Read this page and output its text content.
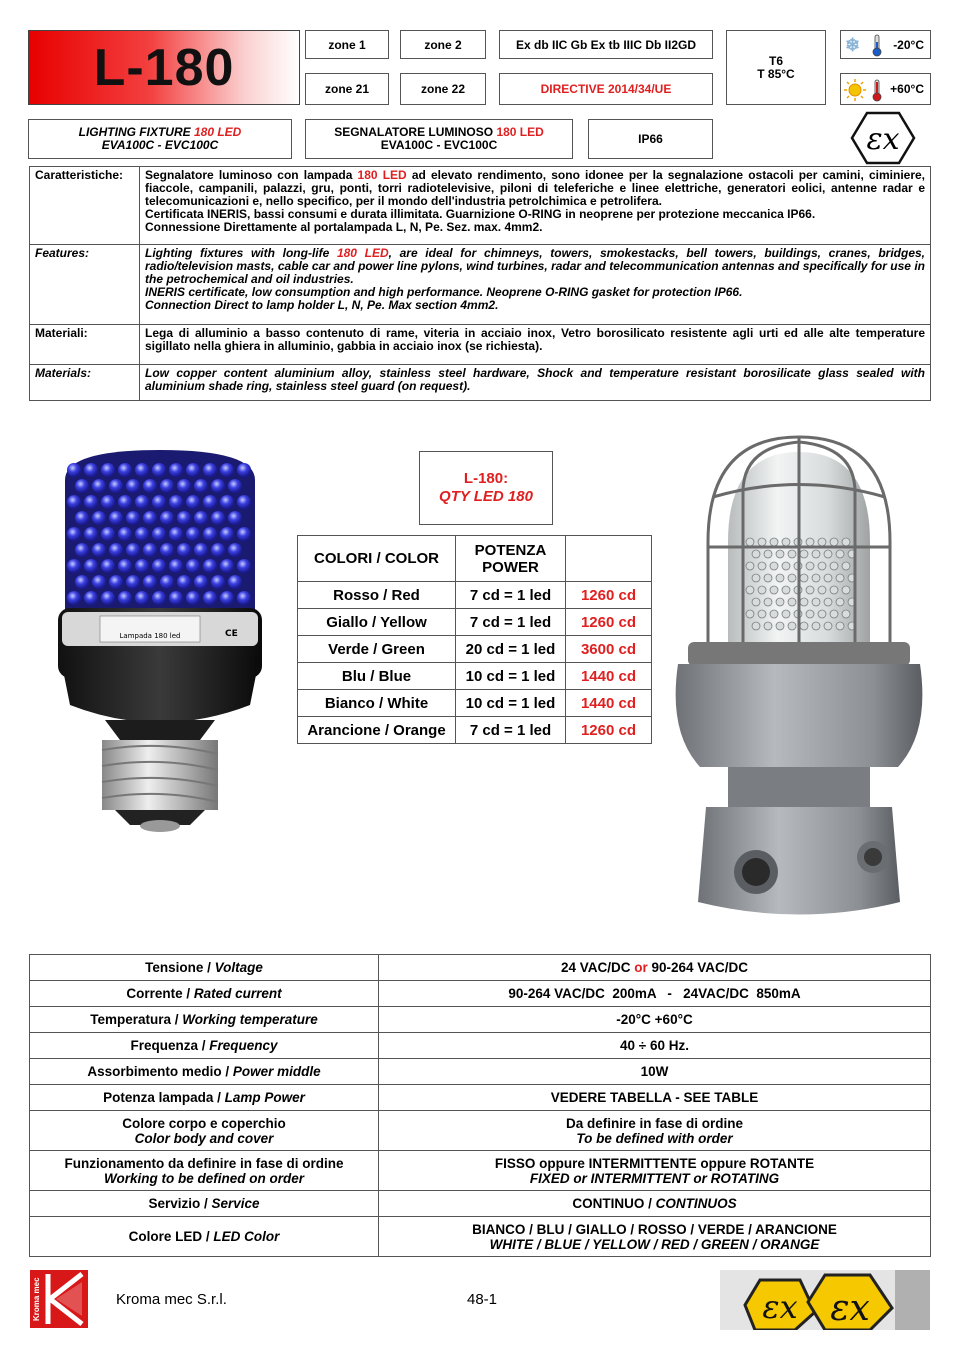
L-180	zone 1	zone 2
zone 21	zone 22
Ex db IIC Gb Ex tb IIIC Db II2GD
DIRECTIVE 2014/34/UE
T6
T 85°C
❄	-20°C
+60°C
LIGHTING FIXTURE 180 LED
EVA100C - EVC100C
SEGNALATORE LUMINOSO 180 LED
EVA100C - EVC100C	IP66	εx
Caratteristiche:	Segnalatore luminoso con lampada 180 LED ad elevato rendimento, sono idonee per la segnalazione ostacoli per camini, ciminiere, fiaccole, campanili, palazzi, gru, ponti, torri radiotelevisive, piloni di teleferiche e linee elettriche, generatori eolici, antenne radar e telecomunicazioni e, nello specifico, per il mondo dell'industria petrolchimica e petrolifera.
Certificata INERIS, bassi consumi e durata illimitata. Guarnizione O-RING in neoprene per protezione meccanica IP66.
Connessione Direttamente al portalampada L, N, Pe. Sez. max. 4mm2.
Features:	Lighting fixtures with long-life 180 LED, are ideal for chimneys, towers, smokestacks, bell towers, buildings, cranes, bridges, radio/television masts, cable car and power line pylons, wind turbines, radar and telecommunication antennas and specifically for use in the petrochemical and oil industries.
INERIS certificate, low consumption and high performance. Neoprene O-RING gasket for protection IP66.
Connection Direct to lamp holder L, N, Pe. Max section 4mm2.
Materiali:	Lega di alluminio a basso contenuto di rame, viteria in acciaio inox, Vetro borosilicato resistente agli urti ed alle alte temperature sigillato nella ghiera in alluminio, gabbia in acciaio inox (se richiesta).
Materials:	Low copper content aluminium alloy, stainless steel hardware, Shock and temperature resistant borosilicate glass sealed with aluminium shade ring, stainless steel guard (on request).
Lampada 180 led	CE
L-180:
QTY LED 180
COLORI / COLOR	POTENZA POWER	
Rosso / Red	7 cd = 1 led	1260 cd
Giallo / Yellow	7 cd = 1 led	1260 cd
Verde / Green	20 cd = 1 led	3600 cd
Blu / Blue	10 cd = 1 led	1440 cd
Bianco / White	10 cd = 1 led	1440 cd
Arancione / Orange	7 cd = 1 led	1260 cd
Tensione / Voltage	24 VAC/DC or 90-264 VAC/DC
Corrente / Rated current	90-264 VAC/DC  200mA   -   24VAC/DC  850mA
Temperatura / Working temperature	-20°C +60°C
Frequenza / Frequency	40 ÷ 60 Hz.
Assorbimento medio / Power middle	10W
Potenza lampada / Lamp Power	VEDERE TABELLA - SEE TABLE
Colore corpo e coperchio
Color body and cover	Da definire in fase di ordine
To be defined with order
Funzionamento da definire in fase di ordine
Working to be defined on order	FISSO oppure INTERMITTENTE oppure ROTANTE
FIXED or INTERMITTENT or ROTATING
Servizio / Service	CONTINUO / CONTINUOS
Colore LED / LED Color	BIANCO / BLU / GIALLO / ROSSO / VERDE / ARANCIONE
WHITE / BLUE / YELLOW / RED / GREEN / ORANGE
Kroma mec	Kroma mec S.r.l.	48-1	εx εx
